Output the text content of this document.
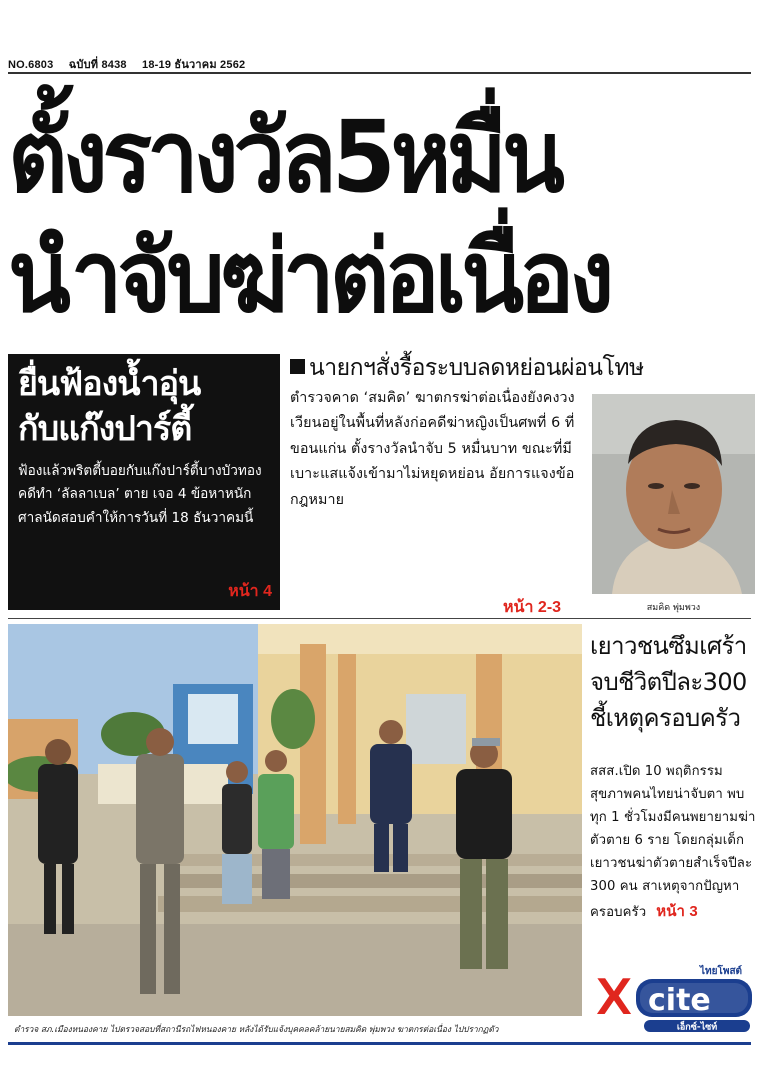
NO.6803 ฉบับที่ 8438 18-19 ธันวาคม 2562
ตั้งรางวัล5หมื่น
นำจับฆ่าต่อเนื่อง
ยื่นฟ้องน้ำอุ่น
กับแก๊งปาร์ตี้
ฟ้องแล้วพริตตี้บอยกับแก๊งปาร์ตี้บางบัวทองคดีทำ ‘ลัลลาเบล’ ตาย เจอ 4 ข้อหาหนัก ศาลนัดสอบคำให้การวันที่ 18 ธันวาคมนี้
หน้า 4
นายกฯสั่งรื้อระบบลดหย่อนผ่อนโทษ
ตำรวจคาด ‘สมคิด’ ฆาตกรฆ่าต่อเนื่องยังคงวงเวียนอยู่ในพื้นที่หลังก่อคดีฆ่าหญิงเป็นศพที่ 6 ที่ขอนแก่น ตั้งรางวัลนำจับ 5 หมื่นบาท ขณะที่มีเบาะแสแจ้งเข้ามาไม่หยุดหย่อน อัยการแจงข้อกฎหมาย
หน้า 2-3	สมคิด พุ่มพวง
ตำรวจ สภ.เมืองหนองคาย ไปตรวจสอบที่สถานีรถไฟหนองคาย หลังได้รับแจ้งบุคคลคล้ายนายสมคิด พุ่มพวง ฆาตกรต่อเนื่อง ไปปรากฏตัว
เยาวชนซึมเศร้าจบชีวิตปีละ300 ชี้เหตุครอบครัว
สสส.เปิด 10 พฤติกรรมสุขภาพคนไทยน่าจับตา พบทุก 1 ชั่วโมงมีคนพยายามฆ่าตัวตาย 6 ราย โดยกลุ่มเด็กเยาวชนฆ่าตัวตายสำเร็จปีละ 300 คน สาเหตุจากปัญหาครอบครัว หน้า 3
X cite
เอ็กซ์-ไซท์
ไทยโพสต์
